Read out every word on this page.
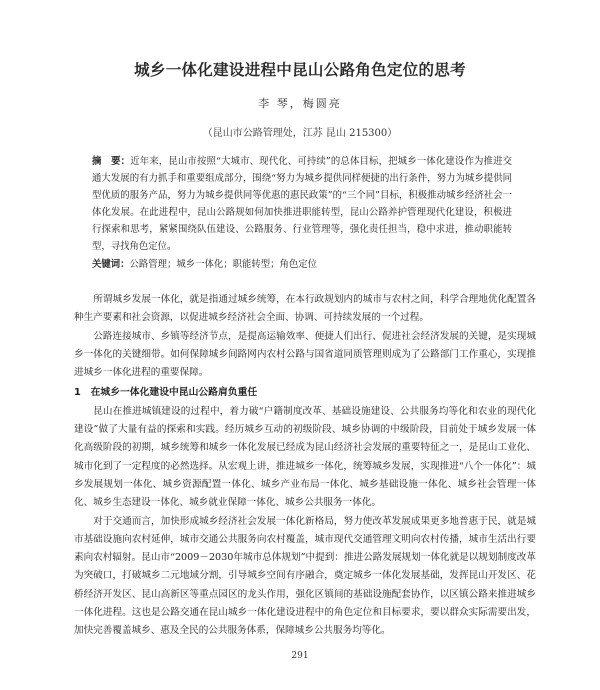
城乡一体化建设进程中昆山公路角色定位的思考
李 琴，梅圆亮
（昆山市公路管理处，江苏 昆山 215300）
摘　要：近年来，昆山市按照“大城市、现代化、可持续”的总体目标，把城乡一体化建设作为推进交通大发展的有力抓手和重要组成部分，围绕“努力为城乡提供同样便捷的出行条件，努力为城乡提供同型优质的服务产品，努力为城乡提供同等优惠的惠民政策”的“三个同”目标，积极推动城乡经济社会一体化发展。在此进程中，昆山公路规如何加快推进职能转型，昆山公路养护管理现代化建设，积极进行探索和思考，紧紧围绕队伍建设、公路服务、行业管理等，强化责任担当，稳中求进，推动职能转型，寻找角色定位。
关键词：公路管理；城乡一体化；职能转型；角色定位

所谓城乡发展一体化，就是指通过城乡统筹，在本行政规划内的城市与农村之间，科学合理地优化配置各种生产要素和社会资源，以促进城乡经济社会全面、协调、可持续发展的一个过程。

公路连接城市、乡镇等经济节点，是提高运输效率、便捷人们出行、促进社会经济发展的关键，是实现城乡一体化的关键细带。如何保障城乡间路网内农村公路与国省道同质管理则成为了公路部门工作重心，实现推进城乡一体化进程的重要保障。

1　在城乡一体化建设中昆山公路肩负重任

昆山在推进城镇建设的过程中，着力破“户籍制度改革、基础设施建设、公共服务均等化和农业的现代化建设”做了大量有益的探索和实践。经历城乡互动的初级阶段、城乡协调的中级阶段，目前处于城乡发展一体化高级阶段的初期，城乡统筹和城乡一体化发展已经成为昆山经济社会发展的重要特征之一，是昆山工业化、城市化到了一定程度的必然选择。从宏观上讲，推进城乡一体化，统筹城乡发展，实现推进“八个一体化”：城乡发展规划一体化、城乡资源配置一体化、城乡产业布局一体化、城乡基础设施一体化、城乡社会管理一体化、城乡生态建设一体化、城乡就业保障一体化、城乡公共服务一体化。

对于交通而言，加快形成城乡经济社会发展一体化新格局，努力使改革发展成果更多地普惠于民，就是城市基础设施向农村延伸，城市交通公共服务向农村覆盖，城市现代交通管理文明向农村传播，城市生活出行要素向农村辐射。昆山市“2009－2030年城市总体规划”中提到：推进公路发展规划一体化就是以规划制度改革为突破口，打破城乡二元地域分割，引导城乡空间有序融合，奠定城乡一体化发展基础，发挥昆山开发区、花桥经济开发区、昆山高新区等重点园区的龙头作用，强化区镇间的基础设施配套协作，以区镇公路来推进城乡一体化进程。这也是公路交通在昆山城乡一体化建设进程中的角色定位和目标要求，要以群众实际需要出发，加快完善覆盖城乡、惠及全民的公共服务体系，保障城乡公共服务均等化。

291
